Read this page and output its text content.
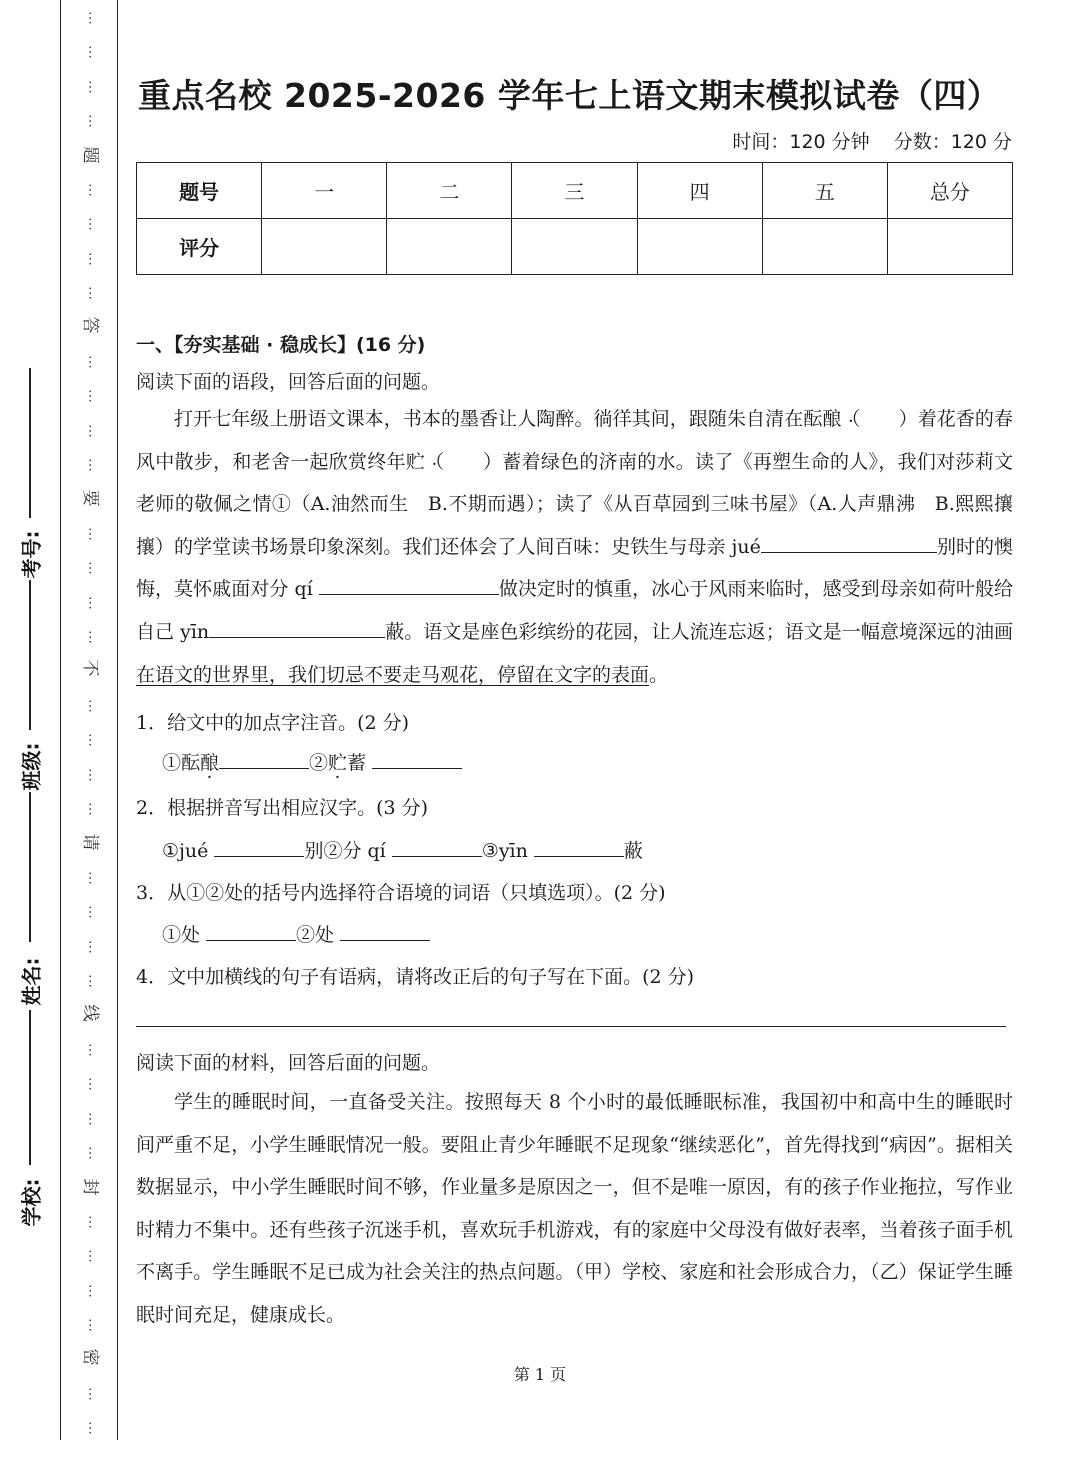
⋯
⋯
⋯
⋯
⋯
⋯
⋯
⋯
⋯
⋯
⋯
⋯
⋯
⋯
⋯
⋯
⋯
⋯
⋯
⋯
⋯
⋯
⋯
⋯
⋯
⋯
⋯
⋯
⋯
⋯
⋯
⋯
⋯
⋯
题
答
要
不
请
线
封
密
考号:
班级:
姓名:
学校:
重点名校 2025-2026 学年七上语文期末模拟试卷（四）
时间：120 分钟 分数：120 分
题号	一	二	三	四	五	总分
评分						
一、【夯实基础 · 稳成长】(16 分)
阅读下面的语段，回答后面的问题。
打开七年级上册语文课本，书本的墨香让人陶醉。徜徉其间，跟随朱自清在酝酿 ·（　　）着花香的春风中散步，和老舍一起欣赏终年贮 ·（　　）蓄着绿色的济南的水。读了《再塑生命的人》，我们对莎莉文老师的敬佩之情①（A.油然而生　B.不期而遇）；读了《从百草园到三味书屋》（A.人声鼎沸　B.熙熙攘攘）的学堂读书场景印象深刻。我们还体会了人间百味：史铁生与母亲 jué	别时的懊悔，莫怀戚面对分 qí	做决定时的慎重，冰心于风雨来临时，感受到母亲如荷叶般给自己 yīn	蔽。语文是座色彩缤纷的花园，让人流连忘返；语文是一幅意境深远的油画在语文的世界里，我们切忌不要走马观花，停留在文字的表面。
1．给文中的加点字注音。(2 分)
①酝酿	②贮蓄
2．根据拼音写出相应汉字。(3 分)
①jué	别②分 qí	③yīn	蔽
3．从①②处的括号内选择符合语境的词语（只填选项）。(2 分)
①处	②处
4．文中加横线的句子有语病，请将改正后的句子写在下面。(2 分)
阅读下面的材料，回答后面的问题。
学生的睡眠时间，一直备受关注。按照每天 8 个小时的最低睡眠标准，我国初中和高中生的睡眠时间严重不足，小学生睡眠情况一般。要阻止青少年睡眠不足现象“继续恶化”，首先得找到“病因”。据相关数据显示，中小学生睡眠时间不够，作业量多是原因之一，但不是唯一原因，有的孩子作业拖拉，写作业时精力不集中。还有些孩子沉迷手机，喜欢玩手机游戏，有的家庭中父母没有做好表率，当着孩子面手机不离手。学生睡眠不足已成为社会关注的热点问题。（甲）学校、家庭和社会形成合力，（乙）保证学生睡眠时间充足，健康成长。
第 1 页
